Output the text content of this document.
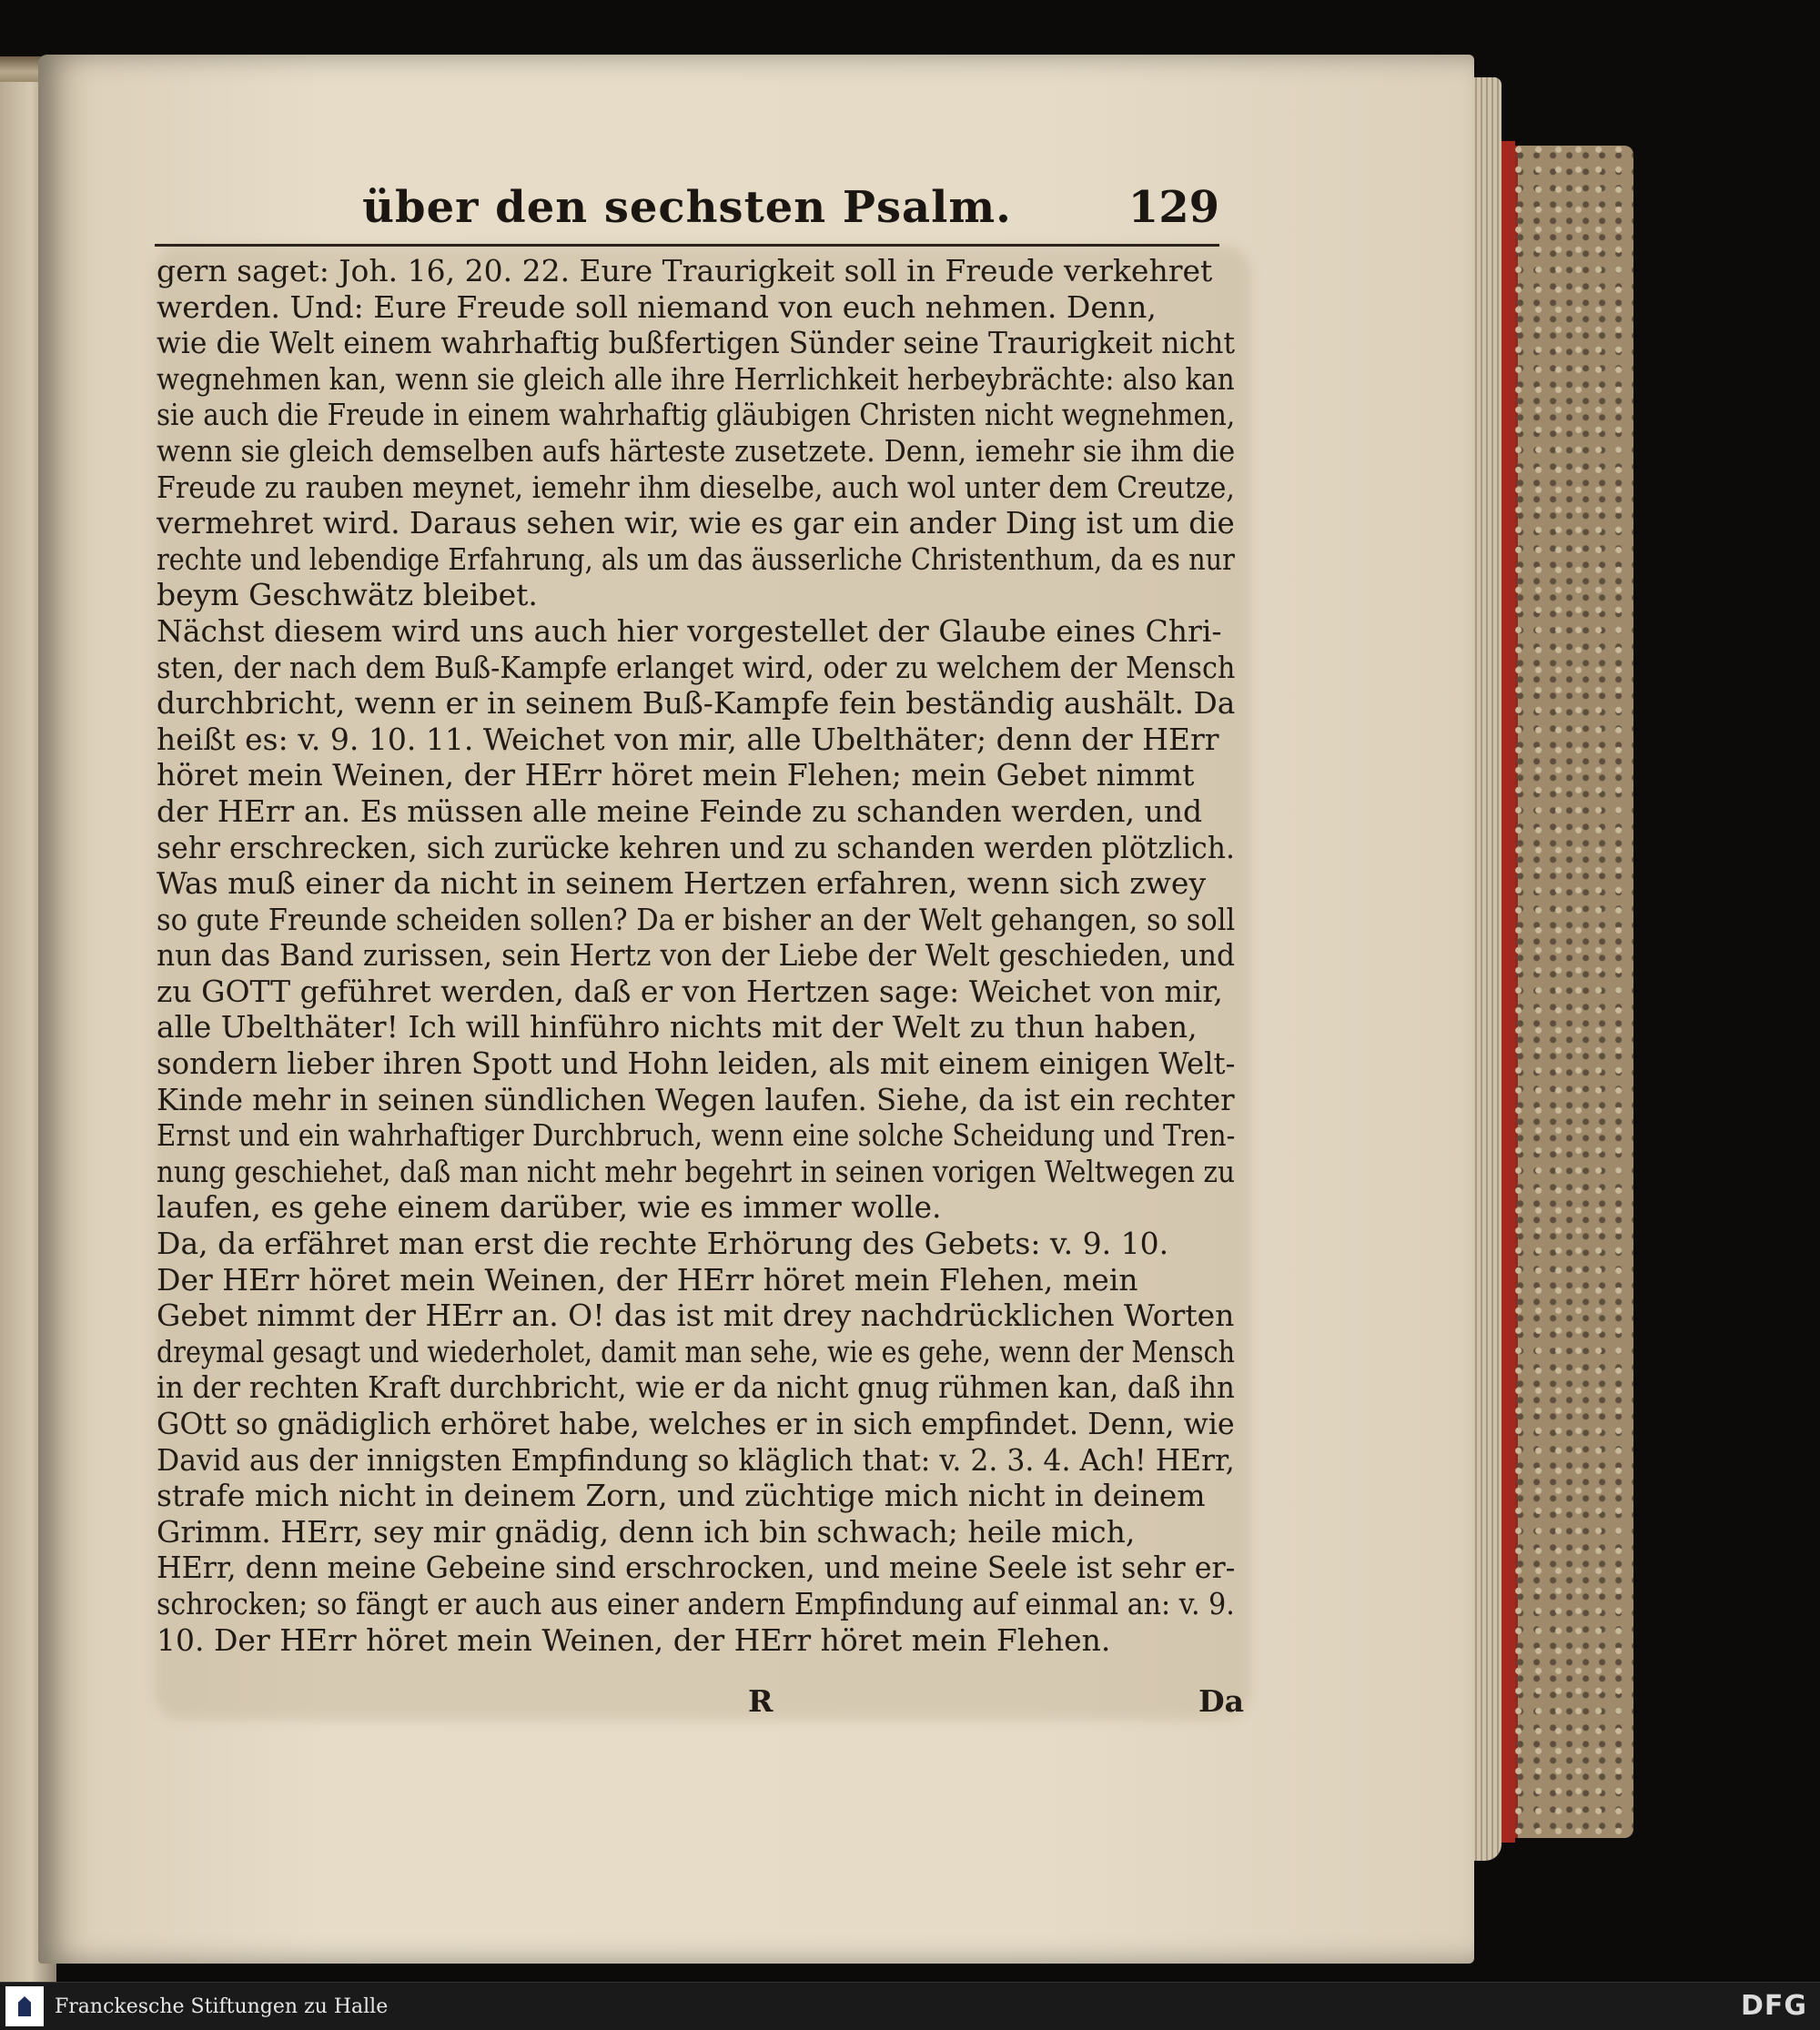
über den sechsten Psalm.	129
gern saget: Joh. 16, 20. 22. Eure Traurigkeit soll in Freude verkehret
werden. Und: Eure Freude soll niemand von euch nehmen. Denn,
wie die Welt einem wahrhaftig bußfertigen Sünder seine Traurigkeit nicht
wegnehmen kan, wenn sie gleich alle ihre Herrlichkeit herbeybrächte: also kan
sie auch die Freude in einem wahrhaftig gläubigen Christen nicht wegnehmen,
wenn sie gleich demselben aufs härteste zusetzete. Denn, iemehr sie ihm die
Freude zu rauben meynet, iemehr ihm dieselbe, auch wol unter dem Creutze,
vermehret wird. Daraus sehen wir, wie es gar ein ander Ding ist um die
rechte und lebendige Erfahrung, als um das äusserliche Christenthum, da es nur
beym Geschwätz bleibet.
Nächst diesem wird uns auch hier vorgestellet der Glaube eines Chri-
sten, der nach dem Buß-Kampfe erlanget wird, oder zu welchem der Mensch
durchbricht, wenn er in seinem Buß-Kampfe fein beständig aushält. Da
heißt es: v. 9. 10. 11. Weichet von mir, alle Ubelthäter; denn der HErr
höret mein Weinen, der HErr höret mein Flehen; mein Gebet nimmt
der HErr an. Es müssen alle meine Feinde zu schanden werden, und
sehr erschrecken, sich zurücke kehren und zu schanden werden plötzlich.
Was muß einer da nicht in seinem Hertzen erfahren, wenn sich zwey
so gute Freunde scheiden sollen? Da er bisher an der Welt gehangen, so soll
nun das Band zurissen, sein Hertz von der Liebe der Welt geschieden, und
zu GOTT geführet werden, daß er von Hertzen sage: Weichet von mir,
alle Ubelthäter! Ich will hinführo nichts mit der Welt zu thun haben,
sondern lieber ihren Spott und Hohn leiden, als mit einem einigen Welt-
Kinde mehr in seinen sündlichen Wegen laufen. Siehe, da ist ein rechter
Ernst und ein wahrhaftiger Durchbruch, wenn eine solche Scheidung und Tren-
nung geschiehet, daß man nicht mehr begehrt in seinen vorigen Weltwegen zu
laufen, es gehe einem darüber, wie es immer wolle.
Da, da erfähret man erst die rechte Erhörung des Gebets: v. 9. 10.
Der HErr höret mein Weinen, der HErr höret mein Flehen, mein
Gebet nimmt der HErr an. O! das ist mit drey nachdrücklichen Worten
dreymal gesagt und wiederholet, damit man sehe, wie es gehe, wenn der Mensch
in der rechten Kraft durchbricht, wie er da nicht gnug rühmen kan, daß ihn
GOtt so gnädiglich erhöret habe, welches er in sich empfindet. Denn, wie
David aus der innigsten Empfindung so kläglich that: v. 2. 3. 4. Ach! HErr,
strafe mich nicht in deinem Zorn, und züchtige mich nicht in deinem
Grimm. HErr, sey mir gnädig, denn ich bin schwach; heile mich,
HErr, denn meine Gebeine sind erschrocken, und meine Seele ist sehr er-
schrocken; so fängt er auch aus einer andern Empfindung auf einmal an: v. 9.
10. Der HErr höret mein Weinen, der HErr höret mein Flehen.
R	Da
Franckesche Stiftungen zu Halle	DFG
